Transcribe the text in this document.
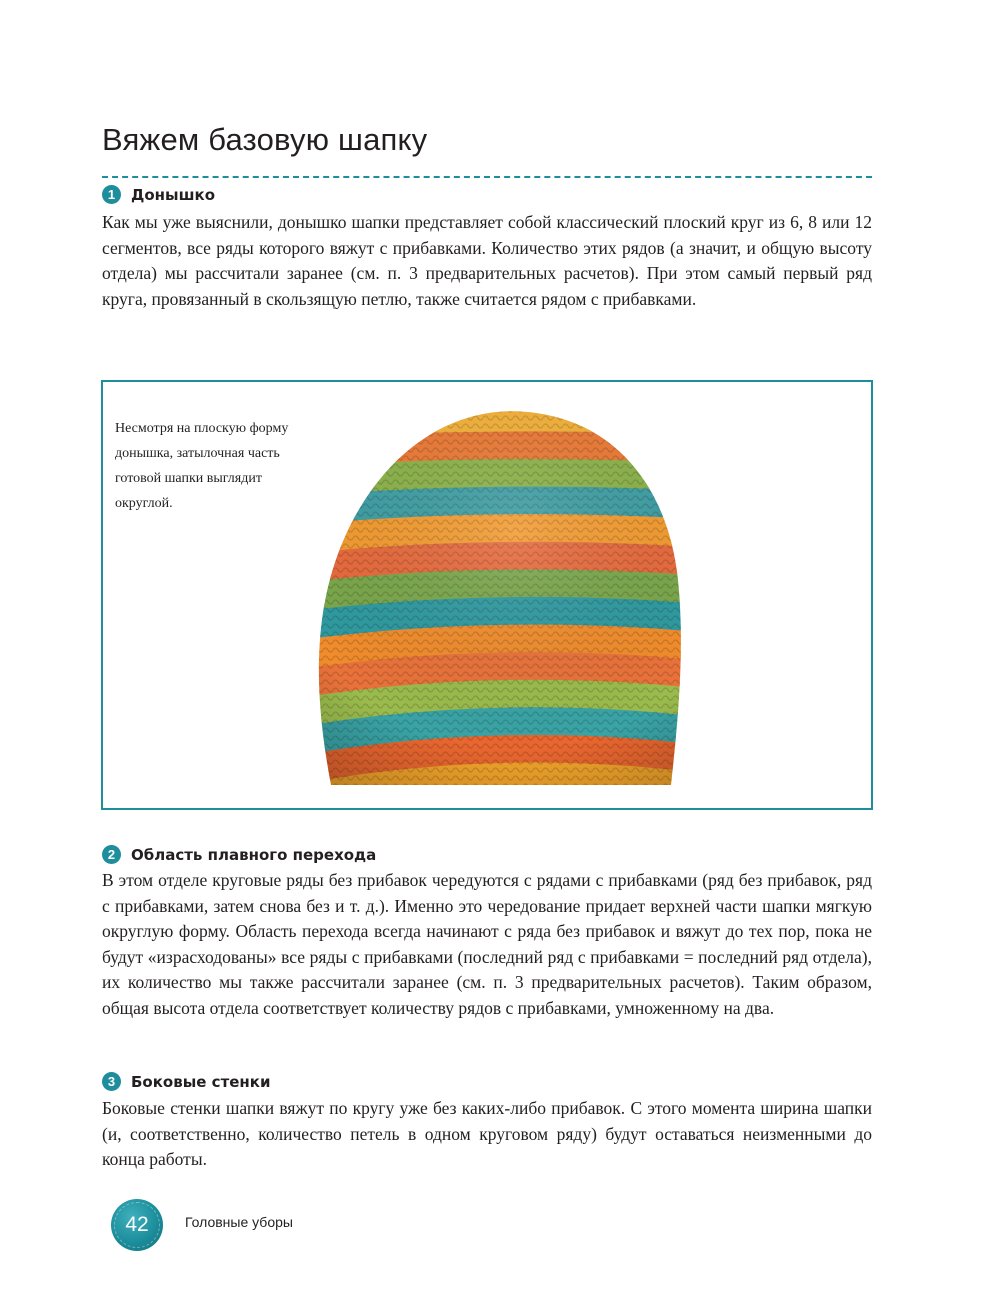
Вяжем базовую шапку
1	Донышко

Как мы уже выяснили, донышко шапки представляет собой классический плоский круг из 6, 8 или 12 сегментов, все ряды которого вяжут с прибавками. Количество этих рядов (а значит, и общую высоту отдела) мы рассчитали заранее (см. п. 3 предварительных расчетов). При этом самый первый ряд круга, провязанный в скользящую петлю, также считается рядом с прибавками.

Несмотря на плоскую форму донышка, затылочная часть готовой шапки выглядит округлой.

2	Область плавного перехода

В этом отделе круговые ряды без прибавок чередуются с рядами с прибавками (ряд без прибавок, ряд с прибавками, затем снова без и т. д.). Именно это чередование придает верхней части шапки мягкую округлую форму. Область перехода всегда начинают с ряда без прибавок и вяжут до тех пор, пока не будут «израсходованы» все ряды с прибавками (последний ряд с прибавками = последний ряд отдела), их количество мы также рассчитали заранее (см. п. 3 предварительных расчетов). Таким образом, общая высота отдела соответствует количеству рядов с прибавками, умноженному на два.

3	Боковые стенки

Боковые стенки шапки вяжут по кругу уже без каких-либо прибавок. С этого момента ширина шапки (и, соответственно, количество петель в одном круговом ряду) будут оставаться неизменными до конца работы.

42	Головные уборы
